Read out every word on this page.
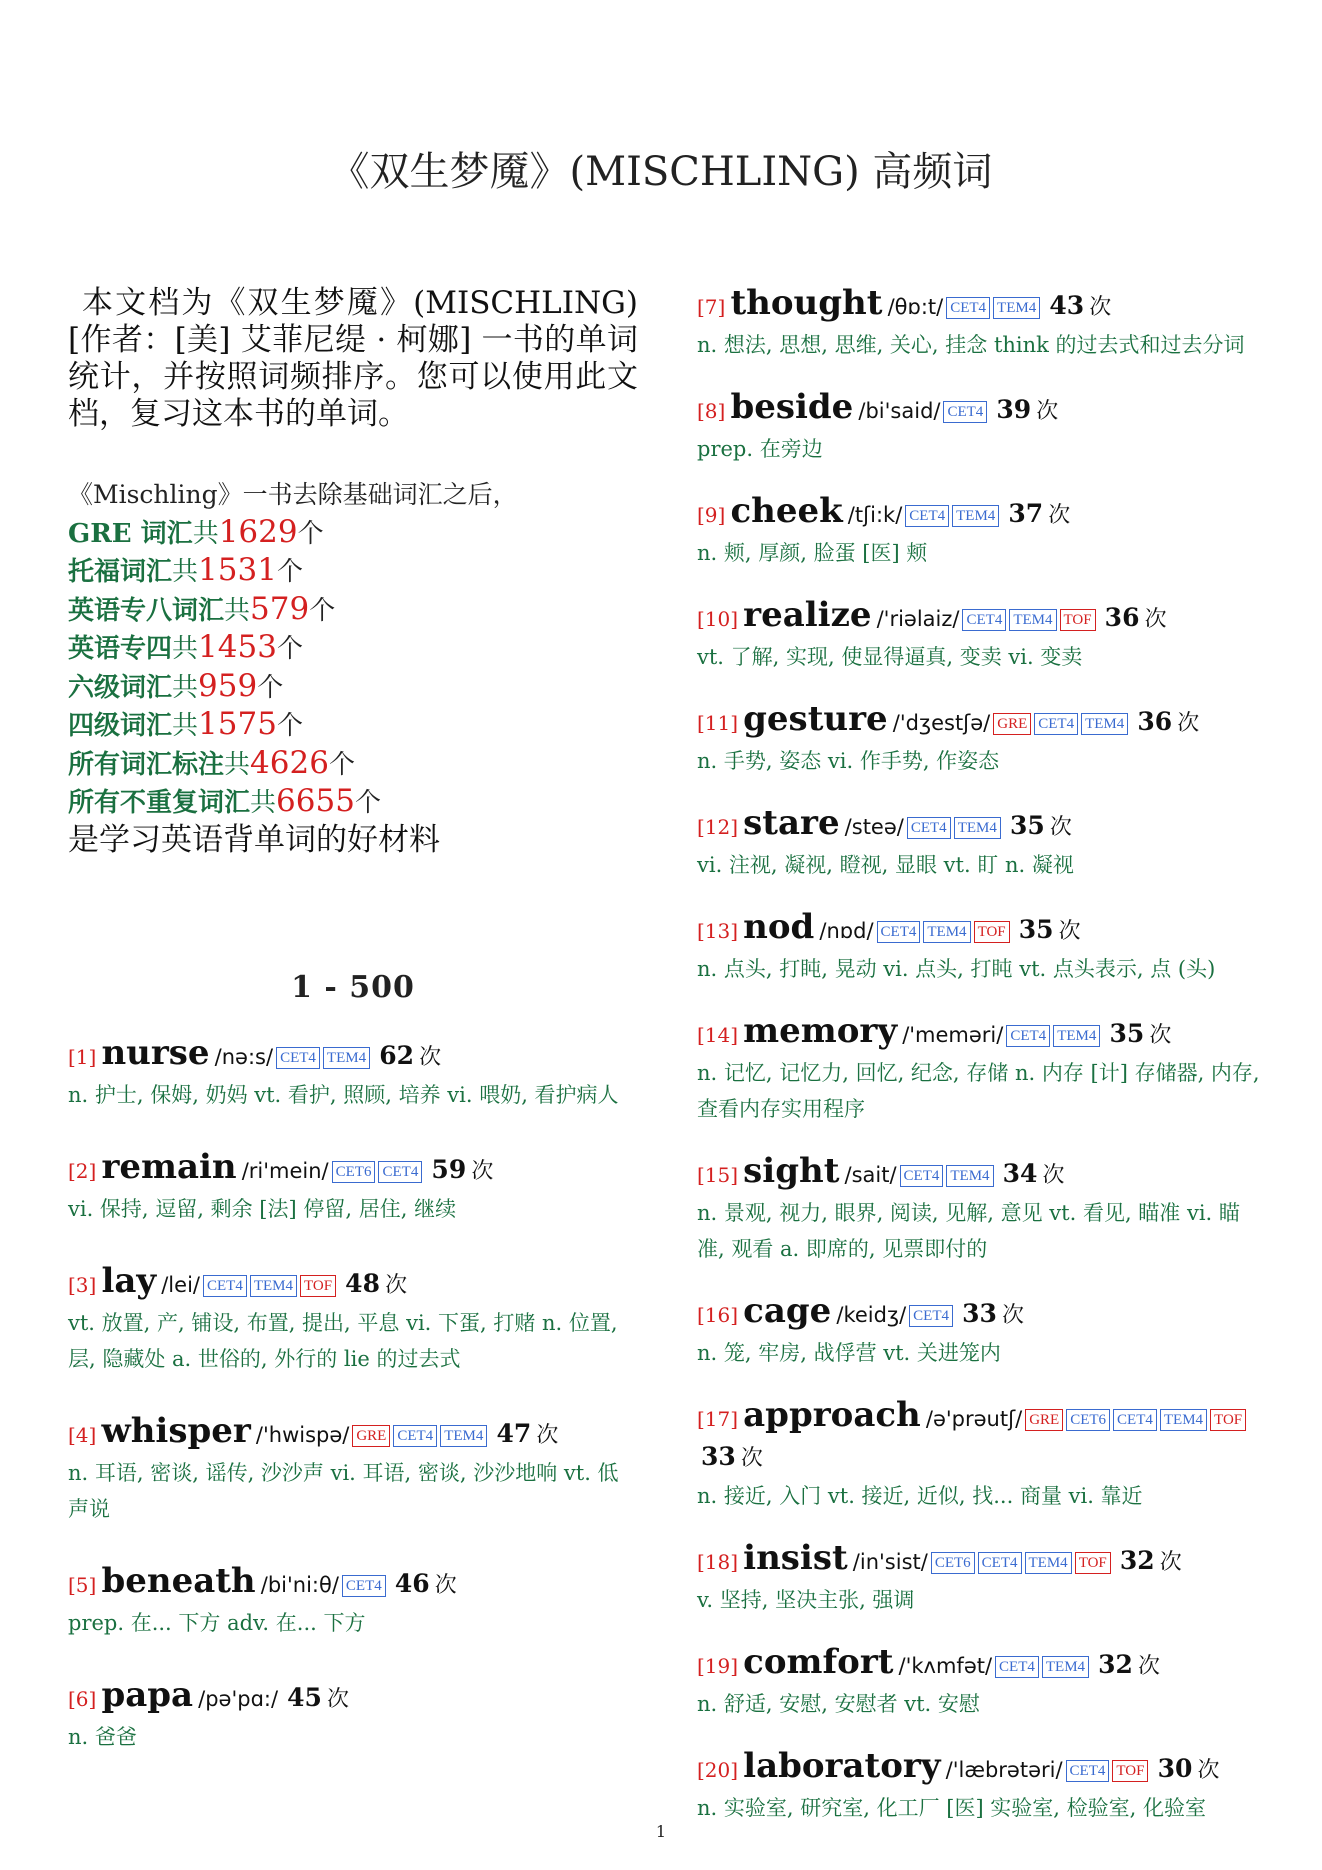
《双生梦魇》(MISCHLING) 高频词

本文档为《双生梦魇》(MISCHLING)[作者：[美] 艾菲尼缇 · 柯娜] 一书的单词统计，并按照词频排序。您可以使用此文档，复习这本书的单词。

《Mischling》一书去除基础词汇之后，
GRE 词汇共1629个
托福词汇共1531个
英语专八词汇共579个
英语专四共1453个
六级词汇共959个
四级词汇共1575个
所有词汇标注共4626个
所有不重复词汇共6655个
是学习英语背单词的好材料
1 - 500
[1] nurse /nə:s/ CET4 TEM4 62 次
n. 护士, 保姆, 奶妈 vt. 看护, 照顾, 培养 vi. 喂奶, 看护病人
[2] remain /ri'mein/ CET6 CET4 59 次
vi. 保持, 逗留, 剩余 [法] 停留, 居住, 继续
[3] lay /lei/ CET4 TEM4 TOF 48 次
vt. 放置, 产, 铺设, 布置, 提出, 平息 vi. 下蛋, 打赌 n. 位置, 层, 隐藏处 a. 世俗的, 外行的 lie 的过去式
[4] whisper /'hwispə/ GRE CET4 TEM4 47 次
n. 耳语, 密谈, 谣传, 沙沙声 vi. 耳语, 密谈, 沙沙地响 vt. 低声说
[5] beneath /bi'ni:θ/ CET4 46 次
prep. 在... 下方 adv. 在... 下方
[6] papa /pə'pɑ:/ 45 次
n. 爸爸
[7] thought /θɒ:t/ CET4 TEM4 43 次
n. 想法, 思想, 思维, 关心, 挂念 think 的过去式和过去分词
[8] beside /bi'said/ CET4 39 次
prep. 在旁边
[9] cheek /tʃi:k/ CET4 TEM4 37 次
n. 颊, 厚颜, 脸蛋 [医] 颊
[10] realize /'riəlaiz/ CET4 TEM4 TOF 36 次
vt. 了解, 实现, 使显得逼真, 变卖 vi. 变卖
[11] gesture /'dʒestʃə/ GRE CET4 TEM4 36 次
n. 手势, 姿态 vi. 作手势, 作姿态
[12] stare /steə/ CET4 TEM4 35 次
vi. 注视, 凝视, 瞪视, 显眼 vt. 盯 n. 凝视
[13] nod /nɒd/ CET4 TEM4 TOF 35 次
n. 点头, 打盹, 晃动 vi. 点头, 打盹 vt. 点头表示, 点 (头)
[14] memory /'meməri/ CET4 TEM4 35 次
n. 记忆, 记忆力, 回忆, 纪念, 存储 n. 内存 [计] 存储器, 内存, 查看内存实用程序
[15] sight /sait/ CET4 TEM4 34 次
n. 景观, 视力, 眼界, 阅读, 见解, 意见 vt. 看见, 瞄准 vi. 瞄准, 观看 a. 即席的, 见票即付的
[16] cage /keidʒ/ CET4 33 次
n. 笼, 牢房, 战俘营 vt. 关进笼内
[17] approach /ə'prəutʃ/ GRE CET6 CET4 TEM4 TOF 33 次
n. 接近, 入门 vt. 接近, 近似, 找... 商量 vi. 靠近
[18] insist /in'sist/ CET6 CET4 TEM4 TOF 32 次
v. 坚持, 坚决主张, 强调
[19] comfort /'kʌmfət/ CET4 TEM4 32 次
n. 舒适, 安慰, 安慰者 vt. 安慰
[20] laboratory /'læbrətəri/ CET4 TOF 30 次
n. 实验室, 研究室, 化工厂 [医] 实验室, 检验室, 化验室
1
